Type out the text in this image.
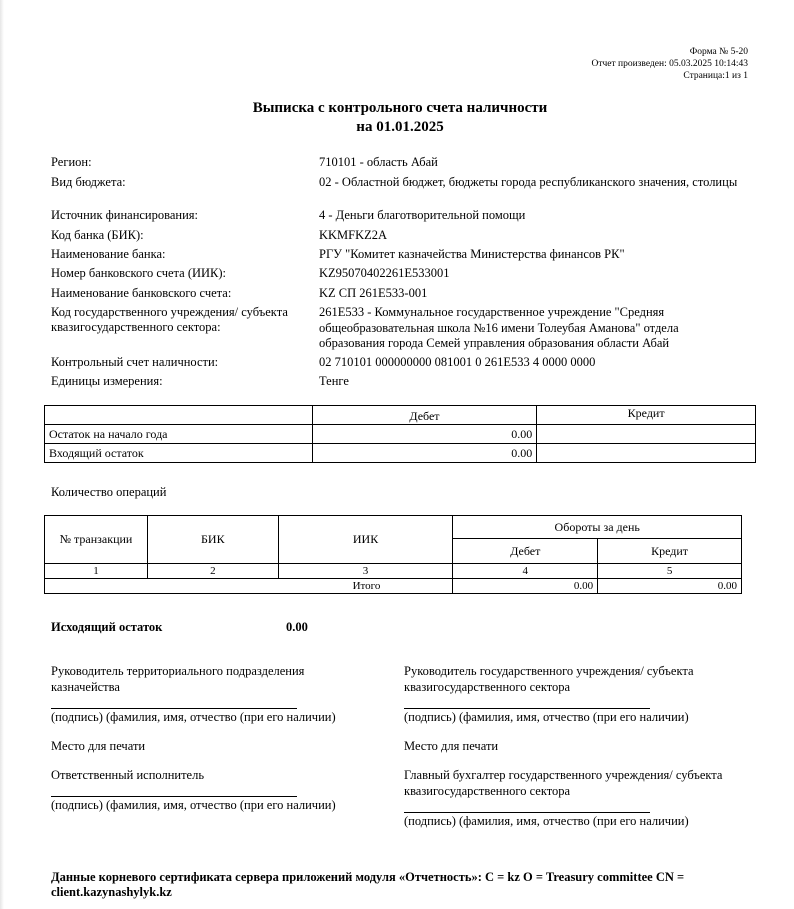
Форма № 5-20
Отчет произведен: 05.03.2025 10:14:43
Страница:1 из 1
Выписка с контрольного счета наличности
на 01.01.2025
Регион:	710101 - область Абай
Вид бюджета:	02 - Областной бюджет, бюджеты города республиканского значения, столицы
Источник финансирования:	4 - Деньги благотворительной помощи
Код банка (БИК):	KKMFKZ2A
Наименование банка:	РГУ "Комитет казначейства Министерства финансов РК"
Номер банковского счета (ИИК):	KZ95070402261E533001
Наименование банковского счета:	KZ СП 261E533-001
Код государственного учреждения/ субъекта квазигосударственного сектора:
261E533 - Коммунальное государственное учреждение "Средняя общеобразовательная школа №16 имени Толеубая Аманова" отдела образования города Семей управления образования области Абай
Контрольный счет наличности:	02 710101 000000000 081001 0 261E533 4 0000 0000
Единицы измерения:	Тенге
	Дебет	Кредит
Остаток на начало года	0.00	
Входящий остаток	0.00	
Количество операций
№ транзакции	БИК	ИИК	Обороты за день	
			Дебет	Кредит
1	2	3	4	5
Итого			0.00	0.00
Исходящий остаток	0.00
Руководитель территориального подразделения казначейства
(подпись) (фамилия, имя, отчество (при его наличии)
Место для печати
Ответственный исполнитель
(подпись) (фамилия, имя, отчество (при его наличии)
Руководитель государственного учреждения/ субъекта квазигосударственного сектора
(подпись) (фамилия, имя, отчество (при его наличии)
Место для печати
Главный бухгалтер государственного учреждения/ субъекта квазигосударственного сектора
(подпись) (фамилия, имя, отчество (при его наличии)
Данные корневого сертификата сервера приложений модуля «Отчетность»: C = kz O = Treasury committee CN = client.kazynashylyk.kz
